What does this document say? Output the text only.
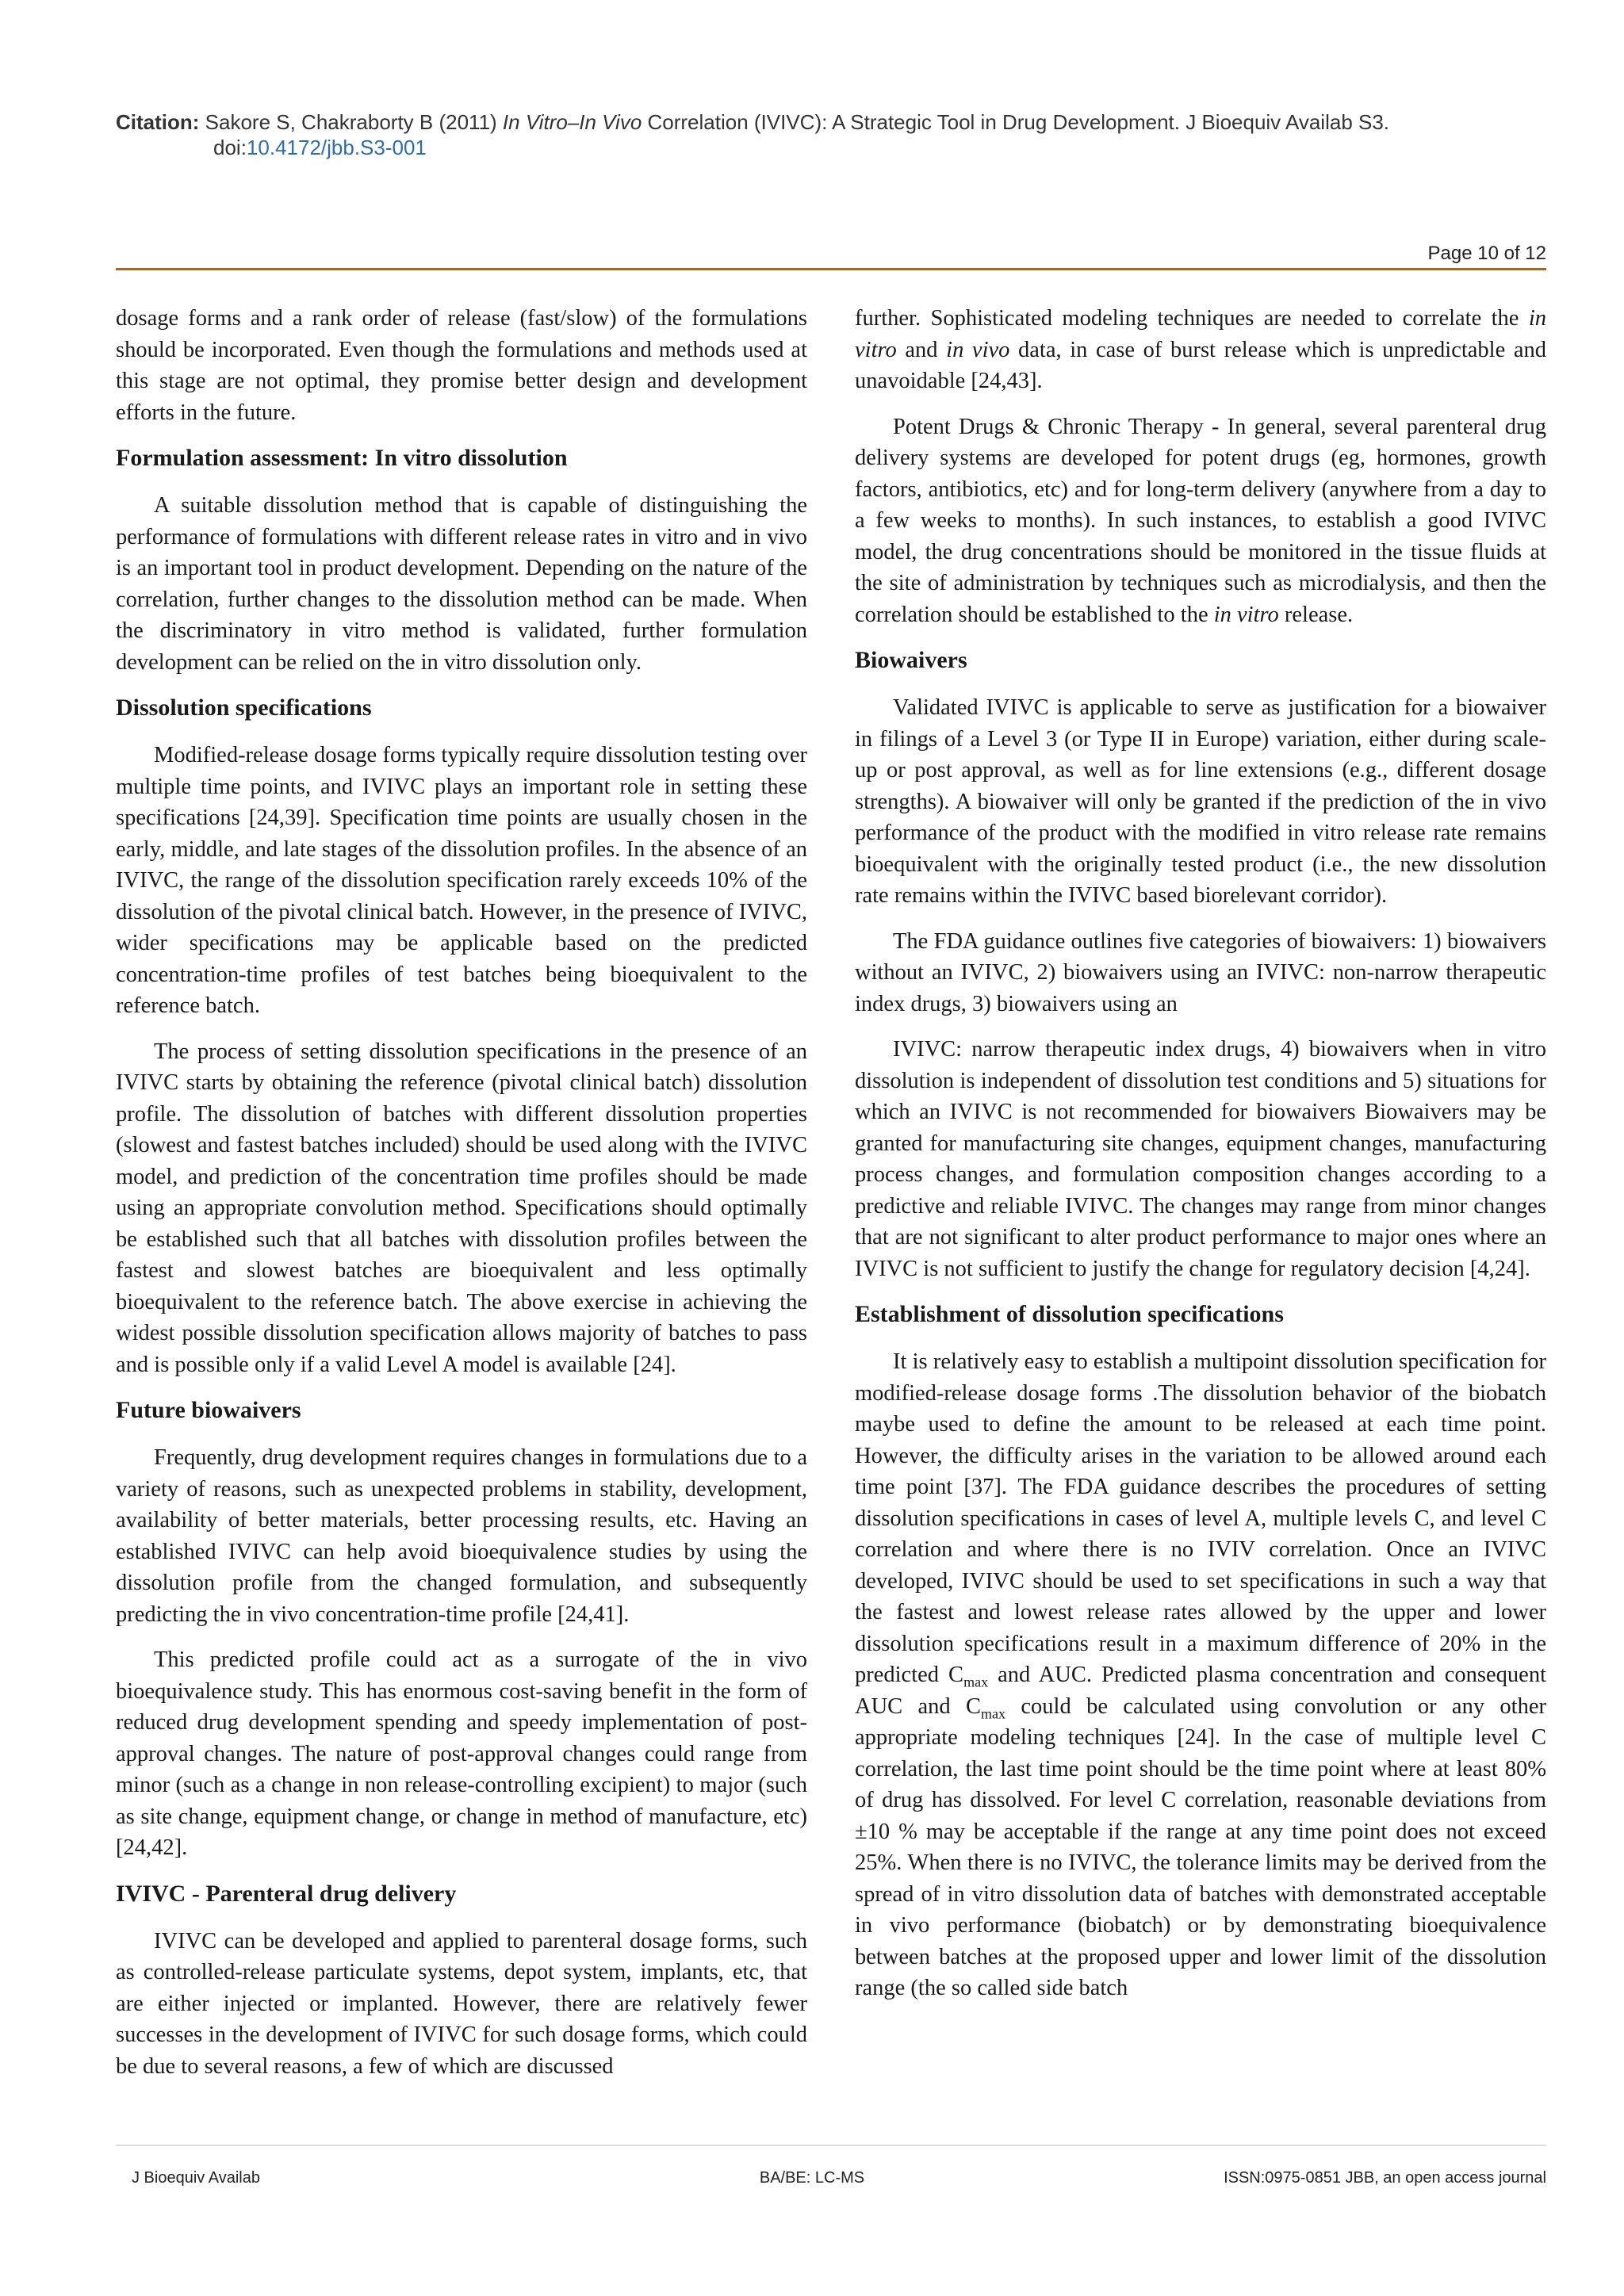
Citation: Sakore S, Chakraborty B (2011) In Vitro–In Vivo Correlation (IVIVC): A Strategic Tool in Drug Development. J Bioequiv Availab S3.
doi:10.4172/jbb.S3-001
Page 10 of 12

dosage forms and a rank order of release (fast/slow) of the formulations should be incorporated. Even though the formulations and methods used at this stage are not optimal, they promise better design and development efforts in the future.

Formulation assessment: In vitro dissolution

A suitable dissolution method that is capable of distinguishing the performance of formulations with different release rates in vitro and in vivo is an important tool in product development. Depending on the nature of the correlation, further changes to the dissolution method can be made. When the discriminatory in vitro method is validated, further formulation development can be relied on the in vitro dissolution only.

Dissolution specifications

Modified-release dosage forms typically require dissolution testing over multiple time points, and IVIVC plays an important role in setting these specifications [24,39]. Specification time points are usually chosen in the early, middle, and late stages of the dissolution profiles. In the absence of an IVIVC, the range of the dissolution specification rarely exceeds 10% of the dissolution of the pivotal clinical batch. However, in the presence of IVIVC, wider specifications may be applicable based on the predicted concentration-time profiles of test batches being bioequivalent to the reference batch.

The process of setting dissolution specifications in the presence of an IVIVC starts by obtaining the reference (pivotal clinical batch) dissolution profile. The dissolution of batches with different dissolution properties (slowest and fastest batches included) should be used along with the IVIVC model, and prediction of the concentration time profiles should be made using an appropriate convolution method. Specifications should optimally be established such that all batches with dissolution profiles between the fastest and slowest batches are bioequivalent and less optimally bioequivalent to the reference batch. The above exercise in achieving the widest possible dissolution specification allows majority of batches to pass and is possible only if a valid Level A model is available [24].

Future biowaivers

Frequently, drug development requires changes in formulations due to a variety of reasons, such as unexpected problems in stability, development, availability of better materials, better processing results, etc. Having an established IVIVC can help avoid bioequivalence studies by using the dissolution profile from the changed formulation, and subsequently predicting the in vivo concentration-time profile [24,41].

This predicted profile could act as a surrogate of the in vivo bioequivalence study. This has enormous cost-saving benefit in the form of reduced drug development spending and speedy implementation of post-approval changes. The nature of post-approval changes could range from minor (such as a change in non release-controlling excipient) to major (such as site change, equipment change, or change in method of manufacture, etc) [24,42].

IVIVC - Parenteral drug delivery

IVIVC can be developed and applied to parenteral dosage forms, such as controlled-release particulate systems, depot system, implants, etc, that are either injected or implanted. However, there are relatively fewer successes in the development of IVIVC for such dosage forms, which could be due to several reasons, a few of which are discussed

further. Sophisticated modeling techniques are needed to correlate the in vitro and in vivo data, in case of burst release which is unpredictable and unavoidable [24,43].

Potent Drugs & Chronic Therapy - In general, several parenteral drug delivery systems are developed for potent drugs (eg, hormones, growth factors, antibiotics, etc) and for long-term delivery (anywhere from a day to a few weeks to months). In such instances, to establish a good IVIVC model, the drug concentrations should be monitored in the tissue fluids at the site of administration by techniques such as microdialysis, and then the correlation should be established to the in vitro release.

Biowaivers

Validated IVIVC is applicable to serve as justification for a biowaiver in filings of a Level 3 (or Type II in Europe) variation, either during scale-up or post approval, as well as for line extensions (e.g., different dosage strengths). A biowaiver will only be granted if the prediction of the in vivo performance of the product with the modified in vitro release rate remains bioequivalent with the originally tested product (i.e., the new dissolution rate remains within the IVIVC based biorelevant corridor).

The FDA guidance outlines five categories of biowaivers: 1) biowaivers without an IVIVC, 2) biowaivers using an IVIVC: non-narrow therapeutic index drugs, 3) biowaivers using an

IVIVC: narrow therapeutic index drugs, 4) biowaivers when in vitro dissolution is independent of dissolution test conditions and 5) situations for which an IVIVC is not recommended for biowaivers Biowaivers may be granted for manufacturing site changes, equipment changes, manufacturing process changes, and formulation composition changes according to a predictive and reliable IVIVC. The changes may range from minor changes that are not significant to alter product performance to major ones where an IVIVC is not sufficient to justify the change for regulatory decision [4,24].

Establishment of dissolution specifications

It is relatively easy to establish a multipoint dissolution specification for modified-release dosage forms .The dissolution behavior of the biobatch maybe used to define the amount to be released at each time point. However, the difficulty arises in the variation to be allowed around each time point [37]. The FDA guidance describes the procedures of setting dissolution specifications in cases of level A, multiple levels C, and level C correlation and where there is no IVIV correlation. Once an IVIVC developed, IVIVC should be used to set specifications in such a way that the fastest and lowest release rates allowed by the upper and lower dissolution specifications result in a maximum difference of 20% in the predicted $C_{max}$ and AUC. Predicted plasma concentration and consequent AUC and $C_{max}$ could be calculated using convolution or any other appropriate modeling techniques [24]. In the case of multiple level C correlation, the last time point should be the time point where at least 80% of drug has dissolved. For level C correlation, reasonable deviations from ±10 % may be acceptable if the range at any time point does not exceed 25%. When there is no IVIVC, the tolerance limits may be derived from the spread of in vitro dissolution data of batches with demonstrated acceptable in vivo performance (biobatch) or by demonstrating bioequivalence between batches at the proposed upper and lower limit of the dissolution range (the so called side batch

J Bioequiv Availab	BA/BE: LC-MS	ISSN:0975-0851 JBB, an open access journal
